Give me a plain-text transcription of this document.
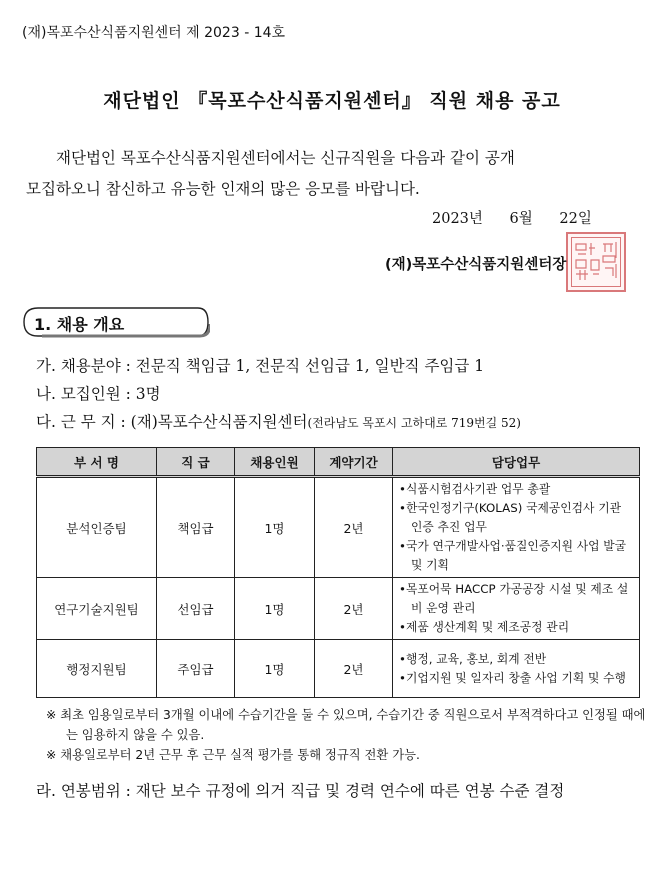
(재)목포수산식품지원센터 제 2023 - 14호
재단법인 『목포수산식품지원센터』 직원 채용 공고
재단법인 목포수산식품지원센터에서는 신규직원을 다음과 같이 공개
모집하오니 참신하고 유능한 인재의 많은 응모를 바랍니다.
2023년 6월 22일
(재)목포수산식품지원센터장
1. 채용 개요
가. 채용분야 : 전문직 책임급 1, 전문직 선임급 1, 일반직 주임급 1
나. 모집인원 : 3명
다. 근 무 지 : (재)목포수산식품지원센터(전라남도 목포시 고하대로 719번길 52)
부 서 명	직 급	채용인원	계약기간	담당업무
분석인증팀	책임급	1명	2년	•식품시험검사기관 업무 총괄
•한국인정기구(KOLAS) 국제공인검사 기관 인증 추진 업무
•국가 연구개발사업·품질인증지원 사업 발굴 및 기획

연구기술지원팀	선임급	1명	2년	•목포어묵 HACCP 가공공장 시설 및 제조 설비 운영 관리
•제품 생산계획 및 제조공정 관리

행정지원팀	주임급	1명	2년	•행정, 교육, 홍보, 회계 전반
•기업지원 및 일자리 창출 사업 기획 및 수행
※ 최초 임용일로부터 3개월 이내에 수습기간을 둘 수 있으며, 수습기간 중 직원으로서 부적격하다고 인정될 때에는 임용하지 않을 수 있음.
※ 채용일로부터 2년 근무 후 근무 실적 평가를 통해 정규직 전환 가능.
라. 연봉범위 : 재단 보수 규정에 의거 직급 및 경력 연수에 따른 연봉 수준 결정
